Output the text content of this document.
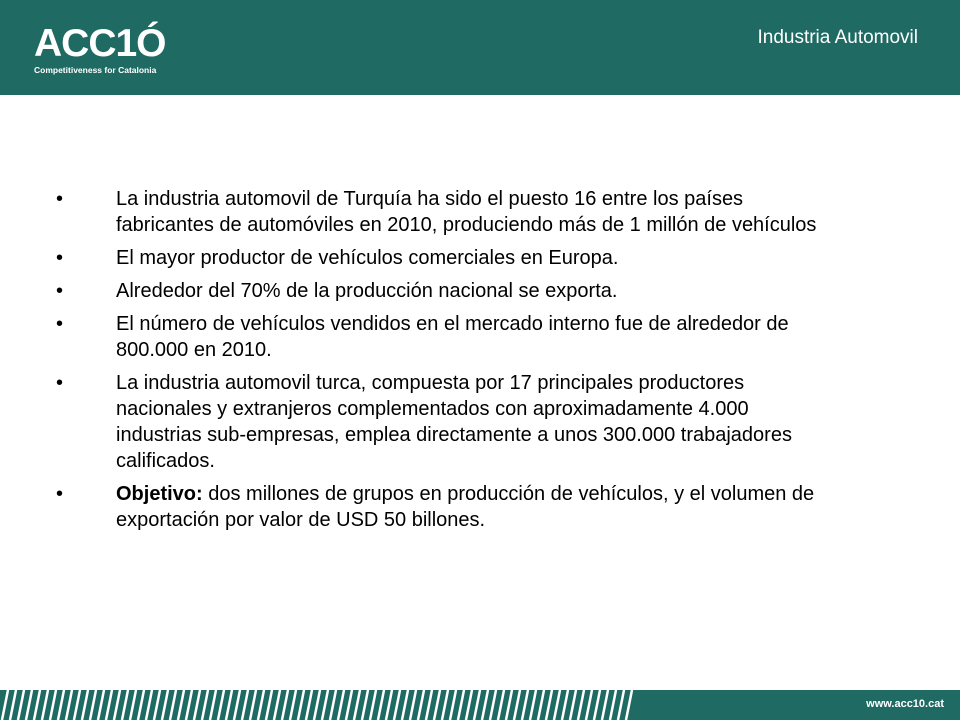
ACC1Ó
Competitiveness for Catalonia
Industria Automovil
•	La industria automovil de Turquía ha sido el puesto 16 entre los países fabricantes de automóviles en 2010, produciendo más de 1 millón de vehículos
•	El mayor productor de vehículos comerciales en Europa.
•	Alrededor del 70% de la producción nacional se exporta.
•	El número de vehículos vendidos en el mercado interno fue de alrededor de 800.000 en 2010.
•	La industria automovil turca, compuesta por 17 principales productores nacionales y extranjeros complementados con aproximadamente 4.000 industrias sub-empresas, emplea directamente a unos 300.000 trabajadores calificados.
•	Objetivo: dos millones de grupos en producción de vehículos, y el volumen de exportación por valor de USD 50 billones.
www.acc10.cat
